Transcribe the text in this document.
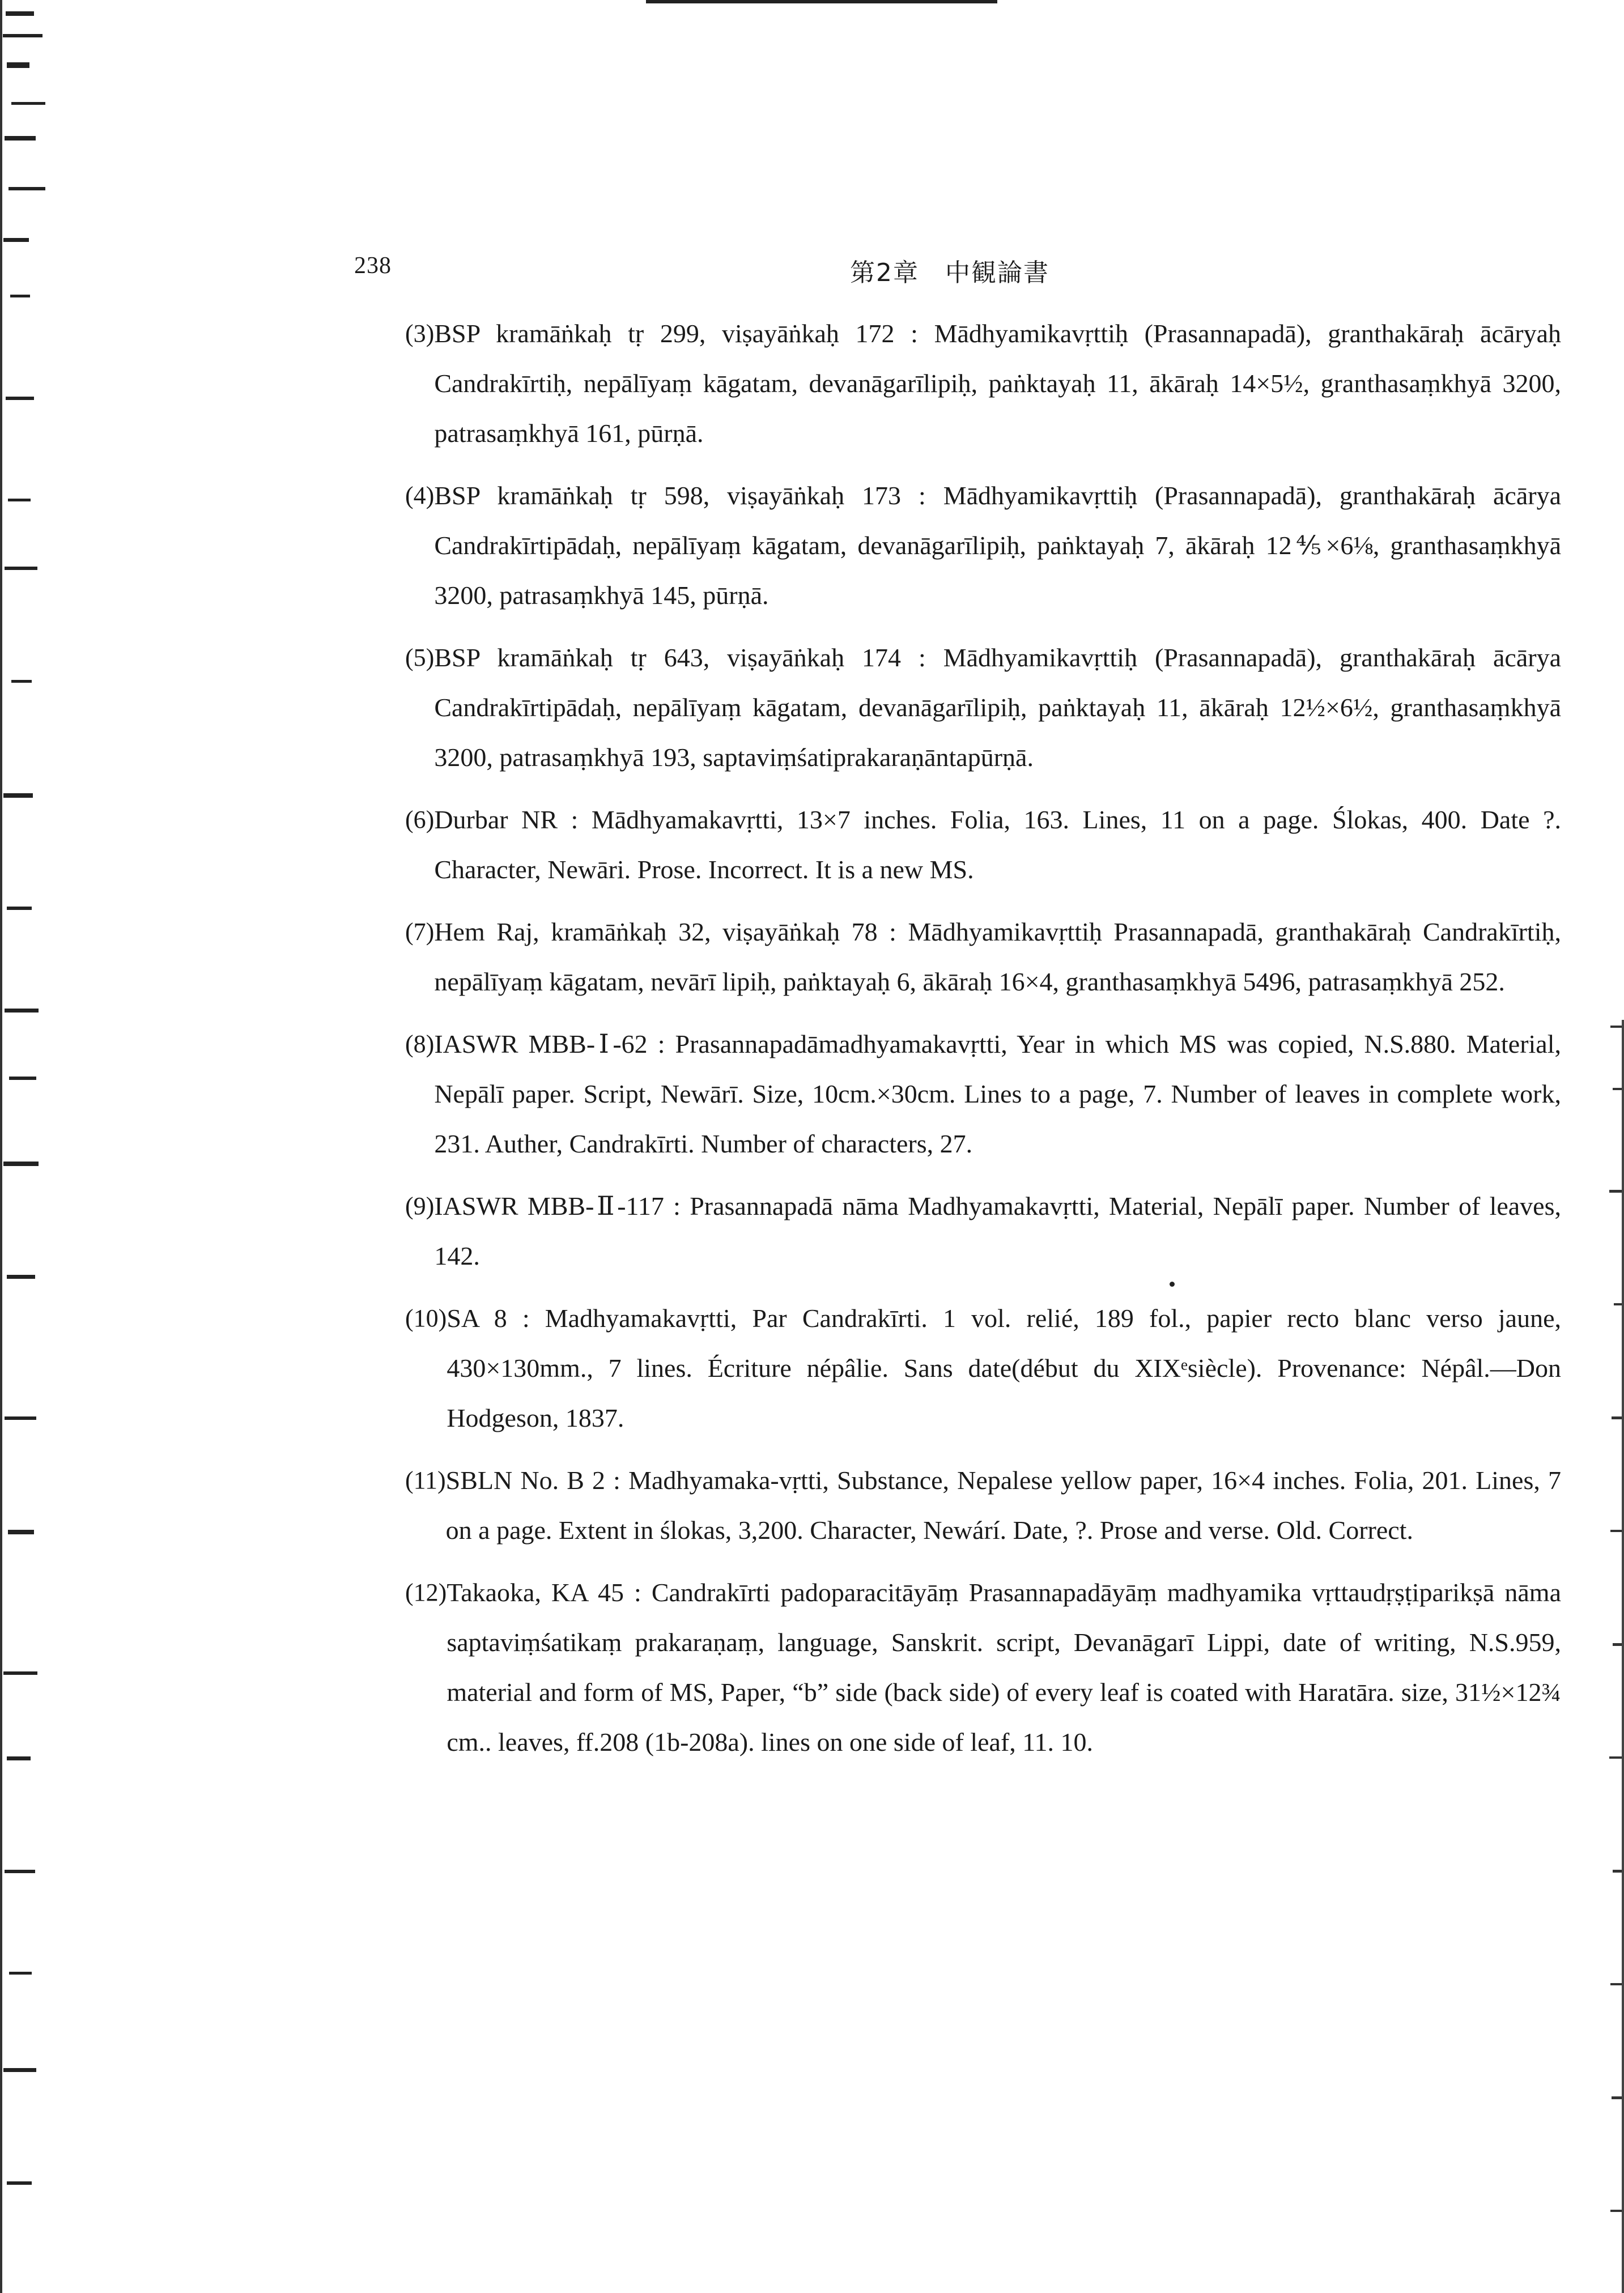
238	第2章　中観論書
(3) BSP kramāṅkaḥ tṛ 299, viṣayāṅkaḥ 172 : Mādhyamikavṛttiḥ (Prasannapadā), granthakāraḥ ācāryaḥ Candrakīrtiḥ, nepālīyaṃ kāgatam, devanāgarīlipiḥ, paṅktayaḥ 11, ākāraḥ 14×5½, granthasaṃkhyā 3200, patrasaṃkhyā 161, pūrṇā.
(4) BSP kramāṅkaḥ tṛ 598, viṣayāṅkaḥ 173 : Mādhyamikavṛttiḥ (Prasannapadā), granthakāraḥ ācārya Candrakīrtipādaḥ, nepālīyaṃ kāgatam, devanāgarīlipiḥ, paṅktayaḥ 7, ākāraḥ 12⅘×6⅛, granthasaṃkhyā 3200, patrasaṃkhyā 145, pūrṇā.
(5) BSP kramāṅkaḥ tṛ 643, viṣayāṅkaḥ 174 : Mādhyamikavṛttiḥ (Prasannapadā), granthakāraḥ ācārya Candrakīrtipādaḥ, nepālīyaṃ kāgatam, devanāgarīlipiḥ, paṅktayaḥ 11, ākāraḥ 12½×6½, granthasaṃkhyā 3200, patrasaṃkhyā 193, saptaviṃśatiprakaraṇāntapūrṇā.
(6) Durbar NR : Mādhyamakavṛtti, 13×7 inches. Folia, 163. Lines, 11 on a page. Ślokas, 400. Date ?. Character, Newāri. Prose. Incorrect. It is a new MS.
(7) Hem Raj, kramāṅkaḥ 32, viṣayāṅkaḥ 78 : Mādhyamikavṛttiḥ Prasannapadā, granthakāraḥ Candrakīrtiḥ, nepālīyaṃ kāgatam, nevārī lipiḥ, paṅktayaḥ 6, ākāraḥ 16×4, granthasaṃkhyā 5496, patrasaṃkhyā 252.
(8) IASWR MBB-Ⅰ-62 : Prasannapadāmadhyamakavṛtti, Year in which MS was copied, N.S.880. Material, Nepālī paper. Script, Newārī. Size, 10cm.×30cm. Lines to a page, 7. Number of leaves in complete work, 231. Auther, Candrakīrti. Number of characters, 27.
(9) IASWR MBB-Ⅱ-117 : Prasannapadā nāma Madhyamakavṛtti, Material, Nepālī paper. Number of leaves, 142.
(10) SA 8 : Madhyamakavṛtti, Par Candrakīrti. 1 vol. relié, 189 fol., papier recto blanc verso jaune, 430×130mm., 7 lines. Écriture népâlie. Sans date(début du XIXᵉsiècle). Provenance: Népâl.—Don Hodgeson, 1837.
(11) SBLN No. B 2 : Madhyamaka-vṛtti, Substance, Nepalese yellow paper, 16×4 inches. Folia, 201. Lines, 7 on a page. Extent in ślokas, 3,200. Character, Newárí. Date, ?. Prose and verse. Old. Correct.
(12) Takaoka, KA 45 : Candrakīrti padoparacitāyāṃ Prasannapadāyāṃ madhyamika vṛttaudṛṣṭiparikṣā nāma saptaviṃśatikaṃ prakaraṇaṃ, language, Sanskrit. script, Devanāgarī Lippi, date of writing, N.S.959, material and form of MS, Paper, “b” side (back side) of every leaf is coated with Haratāra. size, 31½×12¾ cm.. leaves, ff.208 (1b-208a). lines on one side of leaf, 11. 10.
